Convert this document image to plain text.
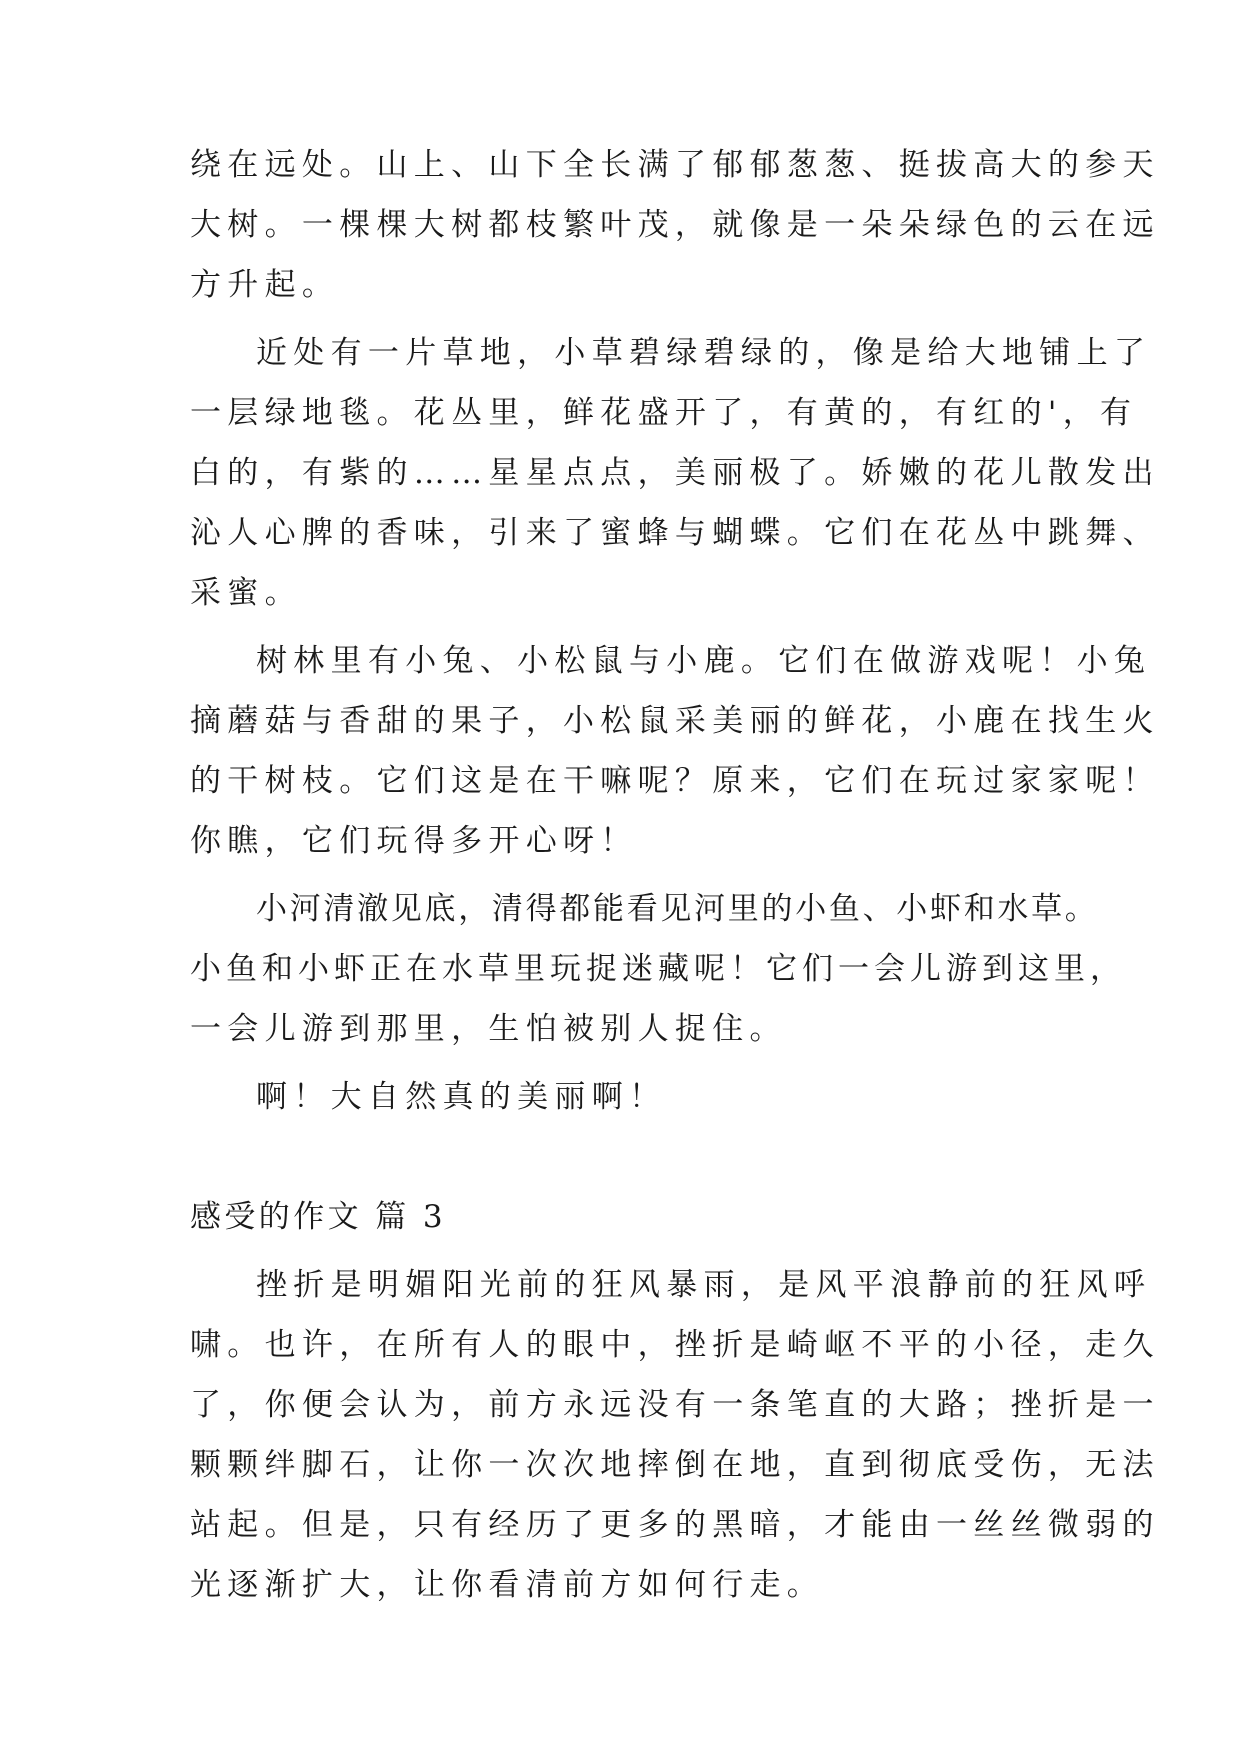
绕在远处。山上、山下全长满了郁郁葱葱、挺拔高大的参天
大树。一棵棵大树都枝繁叶茂，就像是一朵朵绿色的云在远
方升起。
近处有一片草地，小草碧绿碧绿的，像是给大地铺上了
一层绿地毯。花丛里，鲜花盛开了，有黄的，有红的'，有
白的，有紫的……星星点点，美丽极了。娇嫩的花儿散发出
沁人心脾的香味，引来了蜜蜂与蝴蝶。它们在花丛中跳舞、
采蜜。
树林里有小兔、小松鼠与小鹿。它们在做游戏呢！小兔
摘蘑菇与香甜的果子，小松鼠采美丽的鲜花，小鹿在找生火
的干树枝。它们这是在干嘛呢？原来，它们在玩过家家呢！
你瞧，它们玩得多开心呀！
小河清澈见底，清得都能看见河里的小鱼、小虾和水草。
小鱼和小虾正在水草里玩捉迷藏呢！它们一会儿游到这里，
一会儿游到那里，生怕被别人捉住。
啊！大自然真的美丽啊！
感受的作文 篇 3
挫折是明媚阳光前的狂风暴雨，是风平浪静前的狂风呼
啸。也许，在所有人的眼中，挫折是崎岖不平的小径，走久
了，你便会认为，前方永远没有一条笔直的大路；挫折是一
颗颗绊脚石，让你一次次地摔倒在地，直到彻底受伤，无法
站起。但是，只有经历了更多的黑暗，才能由一丝丝微弱的
光逐渐扩大，让你看清前方如何行走。
